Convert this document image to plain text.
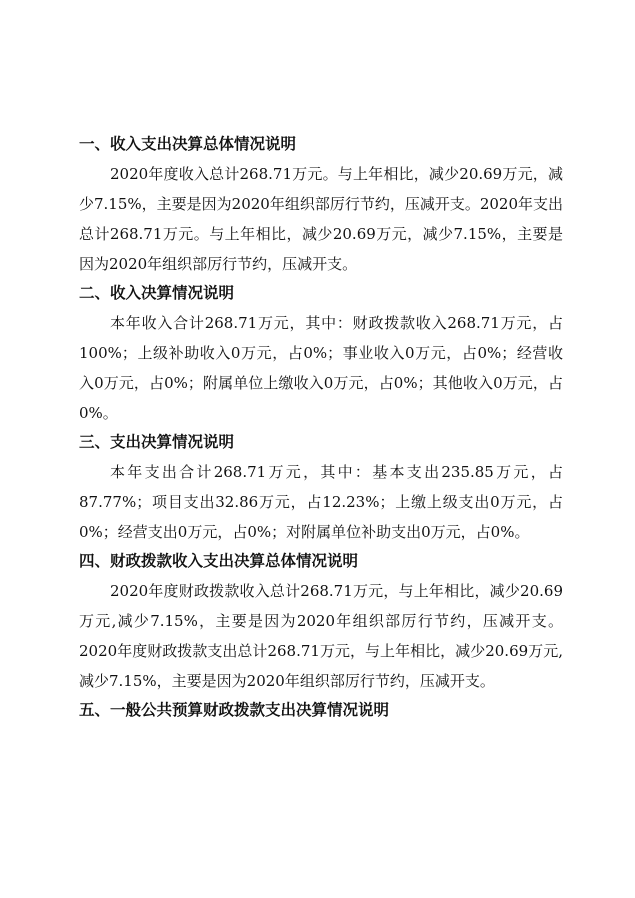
一、收入支出决算总体情况说明

2020年度收入总计268.71万元。与上年相比，减少20.69万元，减少7.15%，主要是因为2020年组织部厉行节约，压减开支。2020年支出总计268.71万元。与上年相比，减少20.69万元，减少7.15%，主要是因为2020年组织部厉行节约，压减开支。

二、收入决算情况说明

本年收入合计268.71万元，其中：财政拨款收入268.71万元，占100%；上级补助收入0万元，占0%；事业收入0万元，占0%；经营收入0万元，占0%；附属单位上缴收入0万元，占0%；其他收入0万元，占0%。

三、支出决算情况说明

本年支出合计268.71万元，其中：基本支出235.85万元，占87.77%；项目支出32.86万元，占12.23%；上缴上级支出0万元，占0%；经营支出0万元，占0%；对附属单位补助支出0万元，占0%。

四、财政拨款收入支出决算总体情况说明

2020年度财政拨款收入总计268.71万元，与上年相比，减少20.69万元,减少7.15%，主要是因为2020年组织部厉行节约，压减开支。2020年度财政拨款支出总计268.71万元，与上年相比，减少20.69万元,减少7.15%，主要是因为2020年组织部厉行节约，压减开支。

五、一般公共预算财政拨款支出决算情况说明
